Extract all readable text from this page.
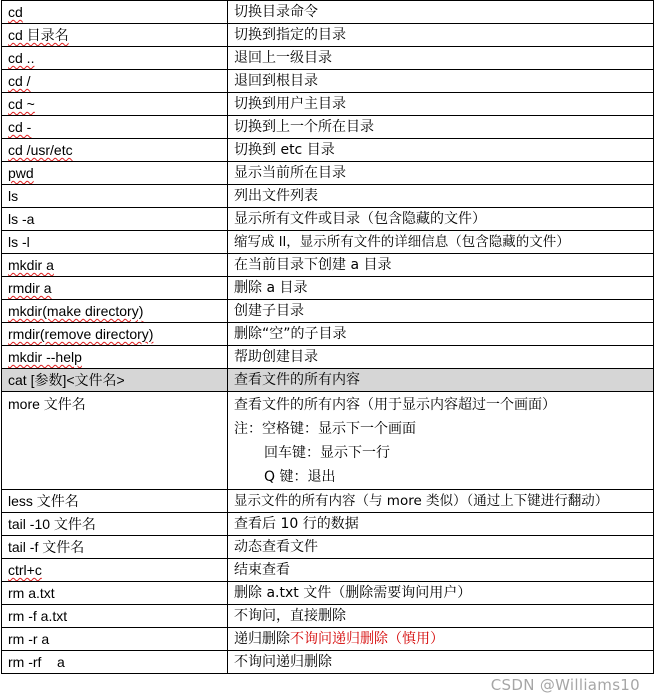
cd	切换目录命令
cd 目录名	切换到指定的目录
cd ..	退回上一级目录
cd /	退回到根目录
cd ~	切换到用户主目录
cd -	切换到上一个所在目录
cd /usr/etc	切换到 etc 目录
pwd	显示当前所在目录
ls	列出文件列表
ls -a	显示所有文件或目录（包含隐藏的文件）
ls -l	缩写成 ll，显示所有文件的详细信息（包含隐藏的文件）
mkdir a	在当前目录下创建 a 目录
rmdir a	删除 a 目录
mkdir(make directory)	创建子目录
rmdir(remove directory)	删除“空”的子目录
mkdir --help	帮助创建目录
cat [参数]<文件名>	查看文件的所有内容
more 文件名	查看文件的所有内容（用于显示内容超过一个画面）
注：空格键：显示下一个画面
回车键：显示下一行
Q 键：退出

less 文件名	显示文件的所有内容（与 more 类似）（通过上下键进行翻动）
tail -10 文件名	查看后 10 行的数据
tail -f 文件名	动态查看文件
ctrl+c	结束查看
rm a.txt	删除 a.txt 文件（删除需要询问用户）
rm -f a.txt	不询问，直接删除
rm -r a	递归删除不询问递归删除（慎用）
rm -rf    a	不询问递归删除
CSDN @Williams10
